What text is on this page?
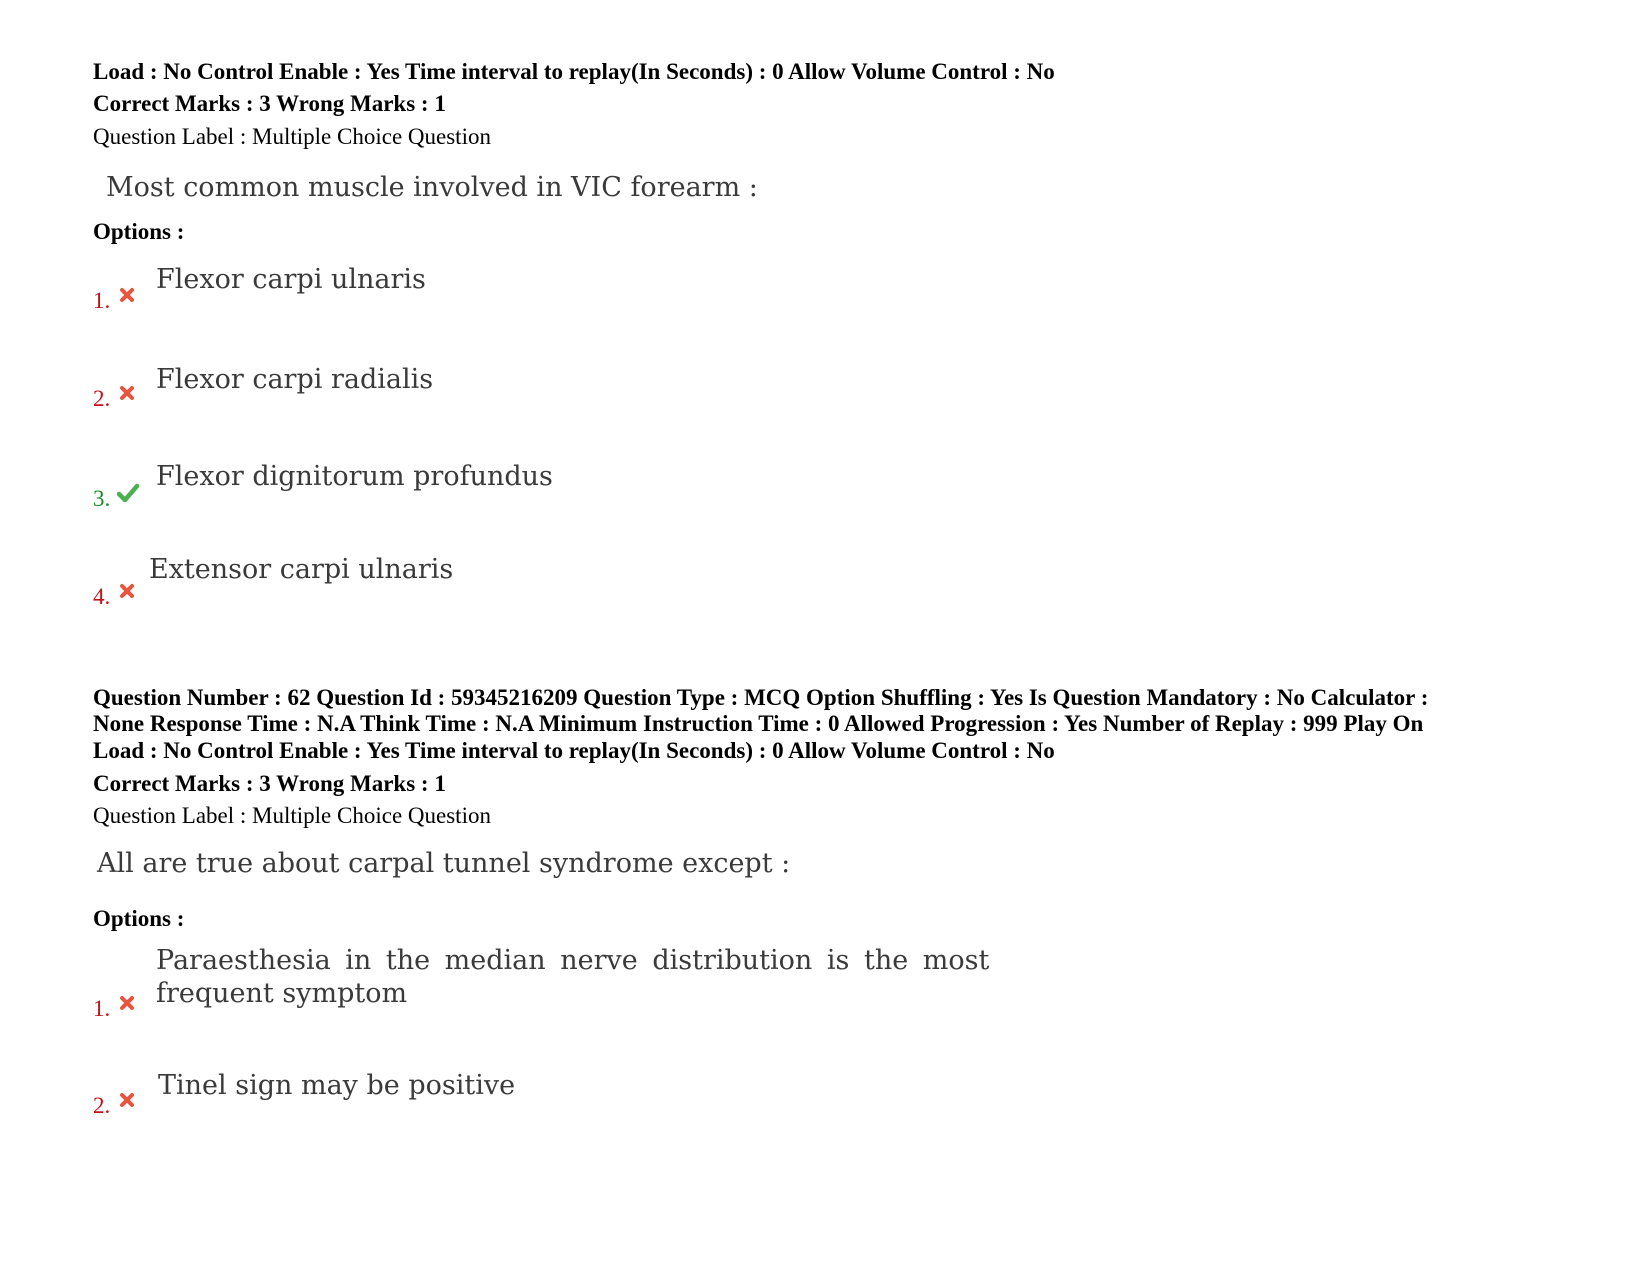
Load : No Control Enable : Yes Time interval to replay(In Seconds) : 0 Allow Volume Control : No
Correct Marks : 3 Wrong Marks : 1
Question Label : Multiple Choice Question
Most common muscle involved in VIC forearm :
Options :
1.
Flexor carpi ulnaris
2.
Flexor carpi radialis
3.
Flexor dignitorum profundus
4.
Extensor carpi ulnaris
Question Number : 62 Question Id : 59345216209 Question Type : MCQ Option Shuffling : Yes Is Question Mandatory : No Calculator :
None Response Time : N.A Think Time : N.A Minimum Instruction Time : 0 Allowed Progression : Yes Number of Replay : 999 Play On
Load : No Control Enable : Yes Time interval to replay(In Seconds) : 0 Allow Volume Control : No
Correct Marks : 3 Wrong Marks : 1
Question Label : Multiple Choice Question
All are true about carpal tunnel syndrome except :
Options :
1.
Paraesthesia in the median nerve distribution is the most
frequent symptom
2.
Tinel sign may be positive
